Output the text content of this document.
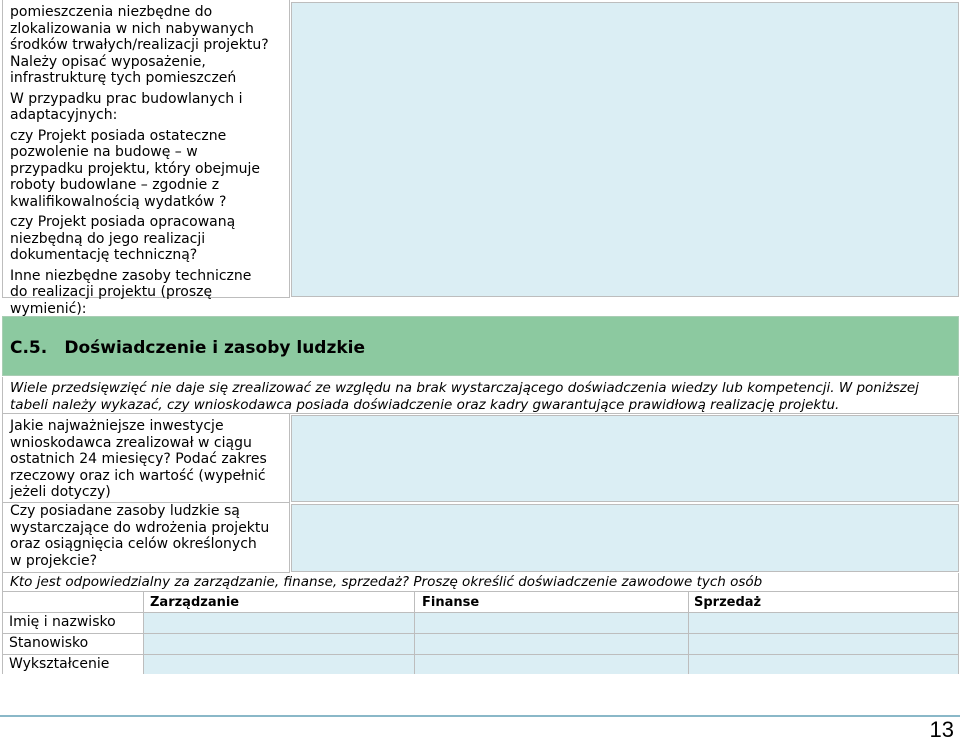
pomieszczenia niezbędne do zlokalizowania w nich nabywanych środków trwałych/realizacji projektu? Należy opisać wyposażenie, infrastrukturę tych pomieszczeń

W przypadku prac budowlanych i adaptacyjnych:

czy Projekt posiada ostateczne pozwolenie na budowę – w przypadku projektu, który obejmuje roboty budowlane – zgodnie z kwalifikowalnością wydatków ?

czy Projekt posiada opracowaną niezbędną do jego realizacji dokumentację techniczną?

Inne niezbędne zasoby techniczne do realizacji projektu (proszę wymienić):

C.5. Doświadczenie i zasoby ludzkie
Wiele przedsięwzięć nie daje się zrealizować ze względu na brak wystarczającego doświadczenia wiedzy lub kompetencji. W poniższej tabeli należy wykazać, czy wnioskodawca posiada doświadczenie oraz kadry gwarantujące prawidłową realizację projektu.
Jakie najważniejsze inwestycje wnioskodawca zrealizował w ciągu ostatnich 24 miesięcy? Podać zakres rzeczowy oraz ich wartość (wypełnić jeżeli dotyczy)
Czy posiadane zasoby ludzkie są wystarczające do wdrożenia projektu oraz osiągnięcia celów określonych w projekcie?
Kto jest odpowiedzialny za zarządzanie, finanse, sprzedaż? Proszę określić doświadczenie zawodowe tych osób
Zarządzanie	Finanse	Sprzedaż
Imię i nazwisko
Stanowisko
Wykształcenie
13
